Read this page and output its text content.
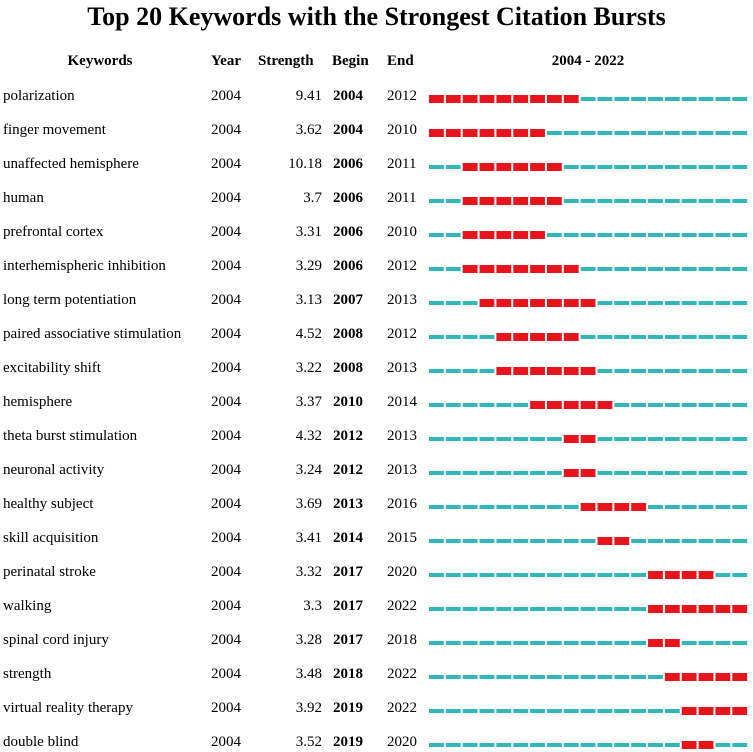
Top 20 Keywords with the Strongest Citation Bursts
Keywords	Year Strength Begin End	2004 - 2022
polarization	2004	9.41 2004 2012
finger movement	2004	3.62 2004 2010
unaffected hemisphere	2004	10.18 2006 2011
human	2004	3.7 2006 2011
prefrontal cortex	2004	3.31 2006 2010
interhemispheric inhibition	2004	3.29 2006 2012
long term potentiation	2004	3.13 2007 2013
paired associative stimulation 2004	4.52 2008 2012
excitability shift	2004	3.22 2008 2013
hemisphere	2004	3.37 2010 2014
theta burst stimulation	2004	4.32 2012 2013
neuronal activity	2004	3.24 2012 2013
healthy subject	2004	3.69 2013 2016
skill acquisition	2004	3.41 2014 2015
perinatal stroke	2004	3.32 2017 2020
walking	2004	3.3 2017 2022
spinal cord injury	2004	3.28 2017 2018
strength	2004	3.48 2018 2022
virtual reality therapy	2004	3.92 2019 2022
double blind	2004	3.52 2019 2020
